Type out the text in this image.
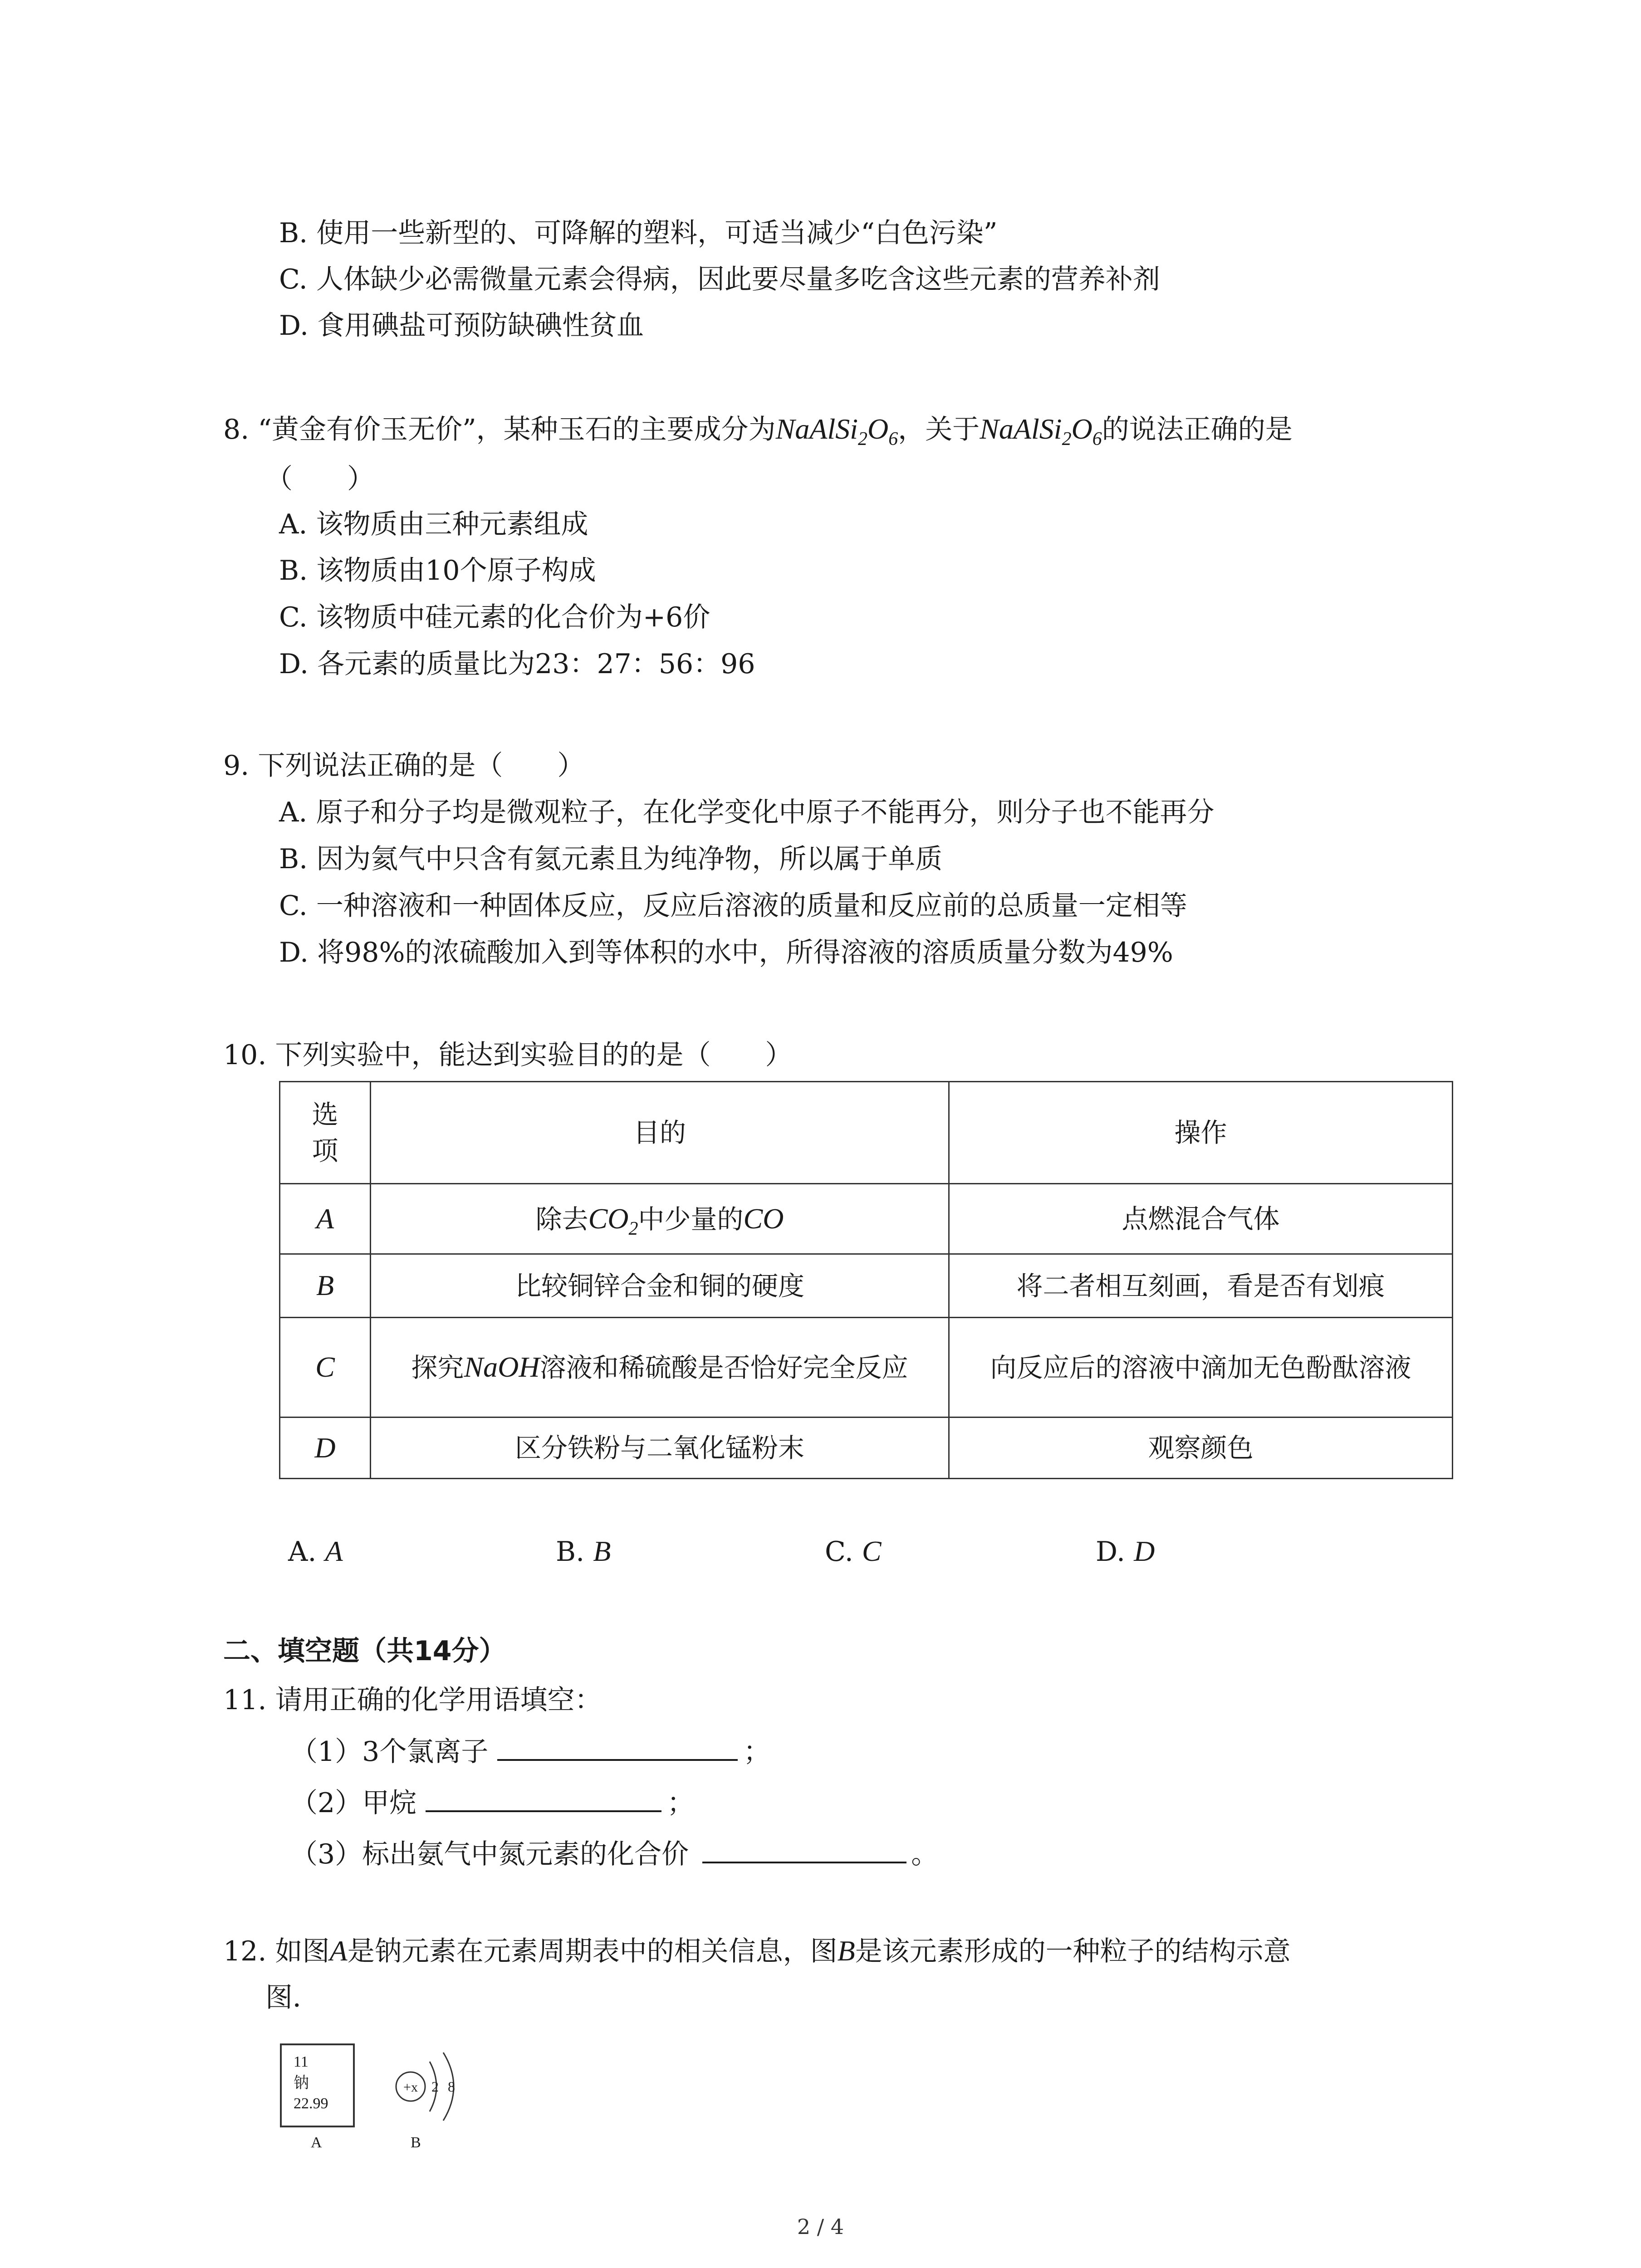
B. 使用一些新型的、可降解的塑料，可适当减少“白色污染”
C. 人体缺少必需微量元素会得病，因此要尽量多吃含这些元素的营养补剂
D. 食用碘盐可预防缺碘性贫血
8. “黄金有价玉无价”，某种玉石的主要成分为$NaAlSi_2O_6$，关于$NaAlSi_2O_6$的说法正确的是
（　　）
A. 该物质由三种元素组成
B. 该物质由10个原子构成
C. 该物质中硅元素的化合价为+6价
D. 各元素的质量比为23：27：56：96
9. 下列说法正确的是（　　）
A. 原子和分子均是微观粒子，在化学变化中原子不能再分，则分子也不能再分
B. 因为氦气中只含有氦元素且为纯净物，所以属于单质
C. 一种溶液和一种固体反应，反应后溶液的质量和反应前的总质量一定相等
D. 将98%的浓硫酸加入到等体积的水中，所得溶液的溶质质量分数为49%
10. 下列实验中，能达到实验目的的是（　　）
选项	目的	操作
A	除去$CO_2$中少量的CO	点燃混合气体
B	比较铜锌合金和铜的硬度	将二者相互刻画，看是否有划痕
C	探究NaOH溶液和稀硫酸是否恰好完全反应	向反应后的溶液中滴加无色酚酞溶液
D	区分铁粉与二氧化锰粉末	观察颜色
A. A	B. B	C. C	D. D
二、填空题（共14分）
11. 请用正确的化学用语填空：
（1）3个氯离子	；
（2）甲烷	；
（3）标出氨气中氮元素的化合价	。
12. 如图A是钠元素在元素周期表中的相关信息，图B是该元素形成的一种粒子的结构示意
图．
11
钠
22.99
+x 2 8
A	B
2 / 4
